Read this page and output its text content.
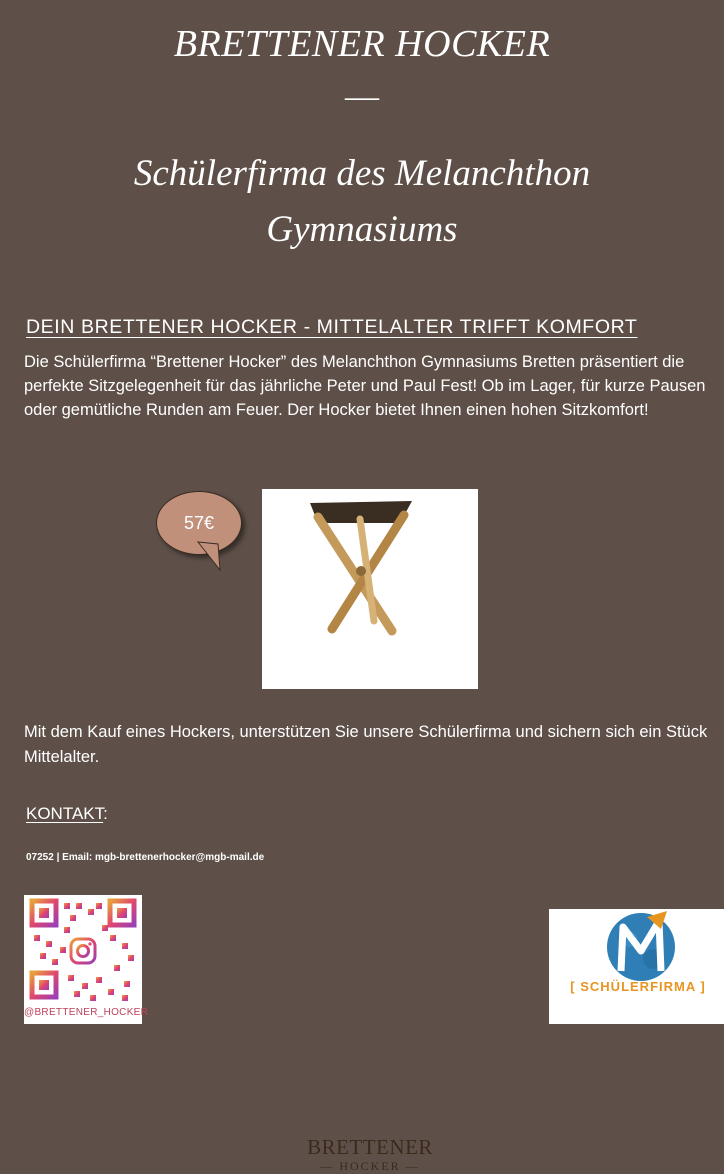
BRETTENER HOCKER
—
Schülerfirma des Melanchthon Gymnasiums
DEIN BRETTENER HOCKER - MITTELALTER TRIFFT KOMFORT
Die Schülerfirma “Brettener Hocker” des Melanchthon Gymnasiums Bretten präsentiert die perfekte Sitzgelegenheit für das jährliche Peter und Paul Fest! Ob im Lager, für kurze Pausen oder gemütliche Runden am Feuer. Der Hocker bietet Ihnen einen hohen Sitzkomfort!
57€
BRETTENER
— HOCKER —
Mit dem Kauf eines Hockers, unterstützen Sie unsere Schülerfirma und sichern sich ein Stück Mittelalter.
KONTAKT:
07252 | Email: mgb-brettenerhocker@mgb-mail.de
@BRETTENER_HOCKER
[ SCHÜLERFIRMA ]
